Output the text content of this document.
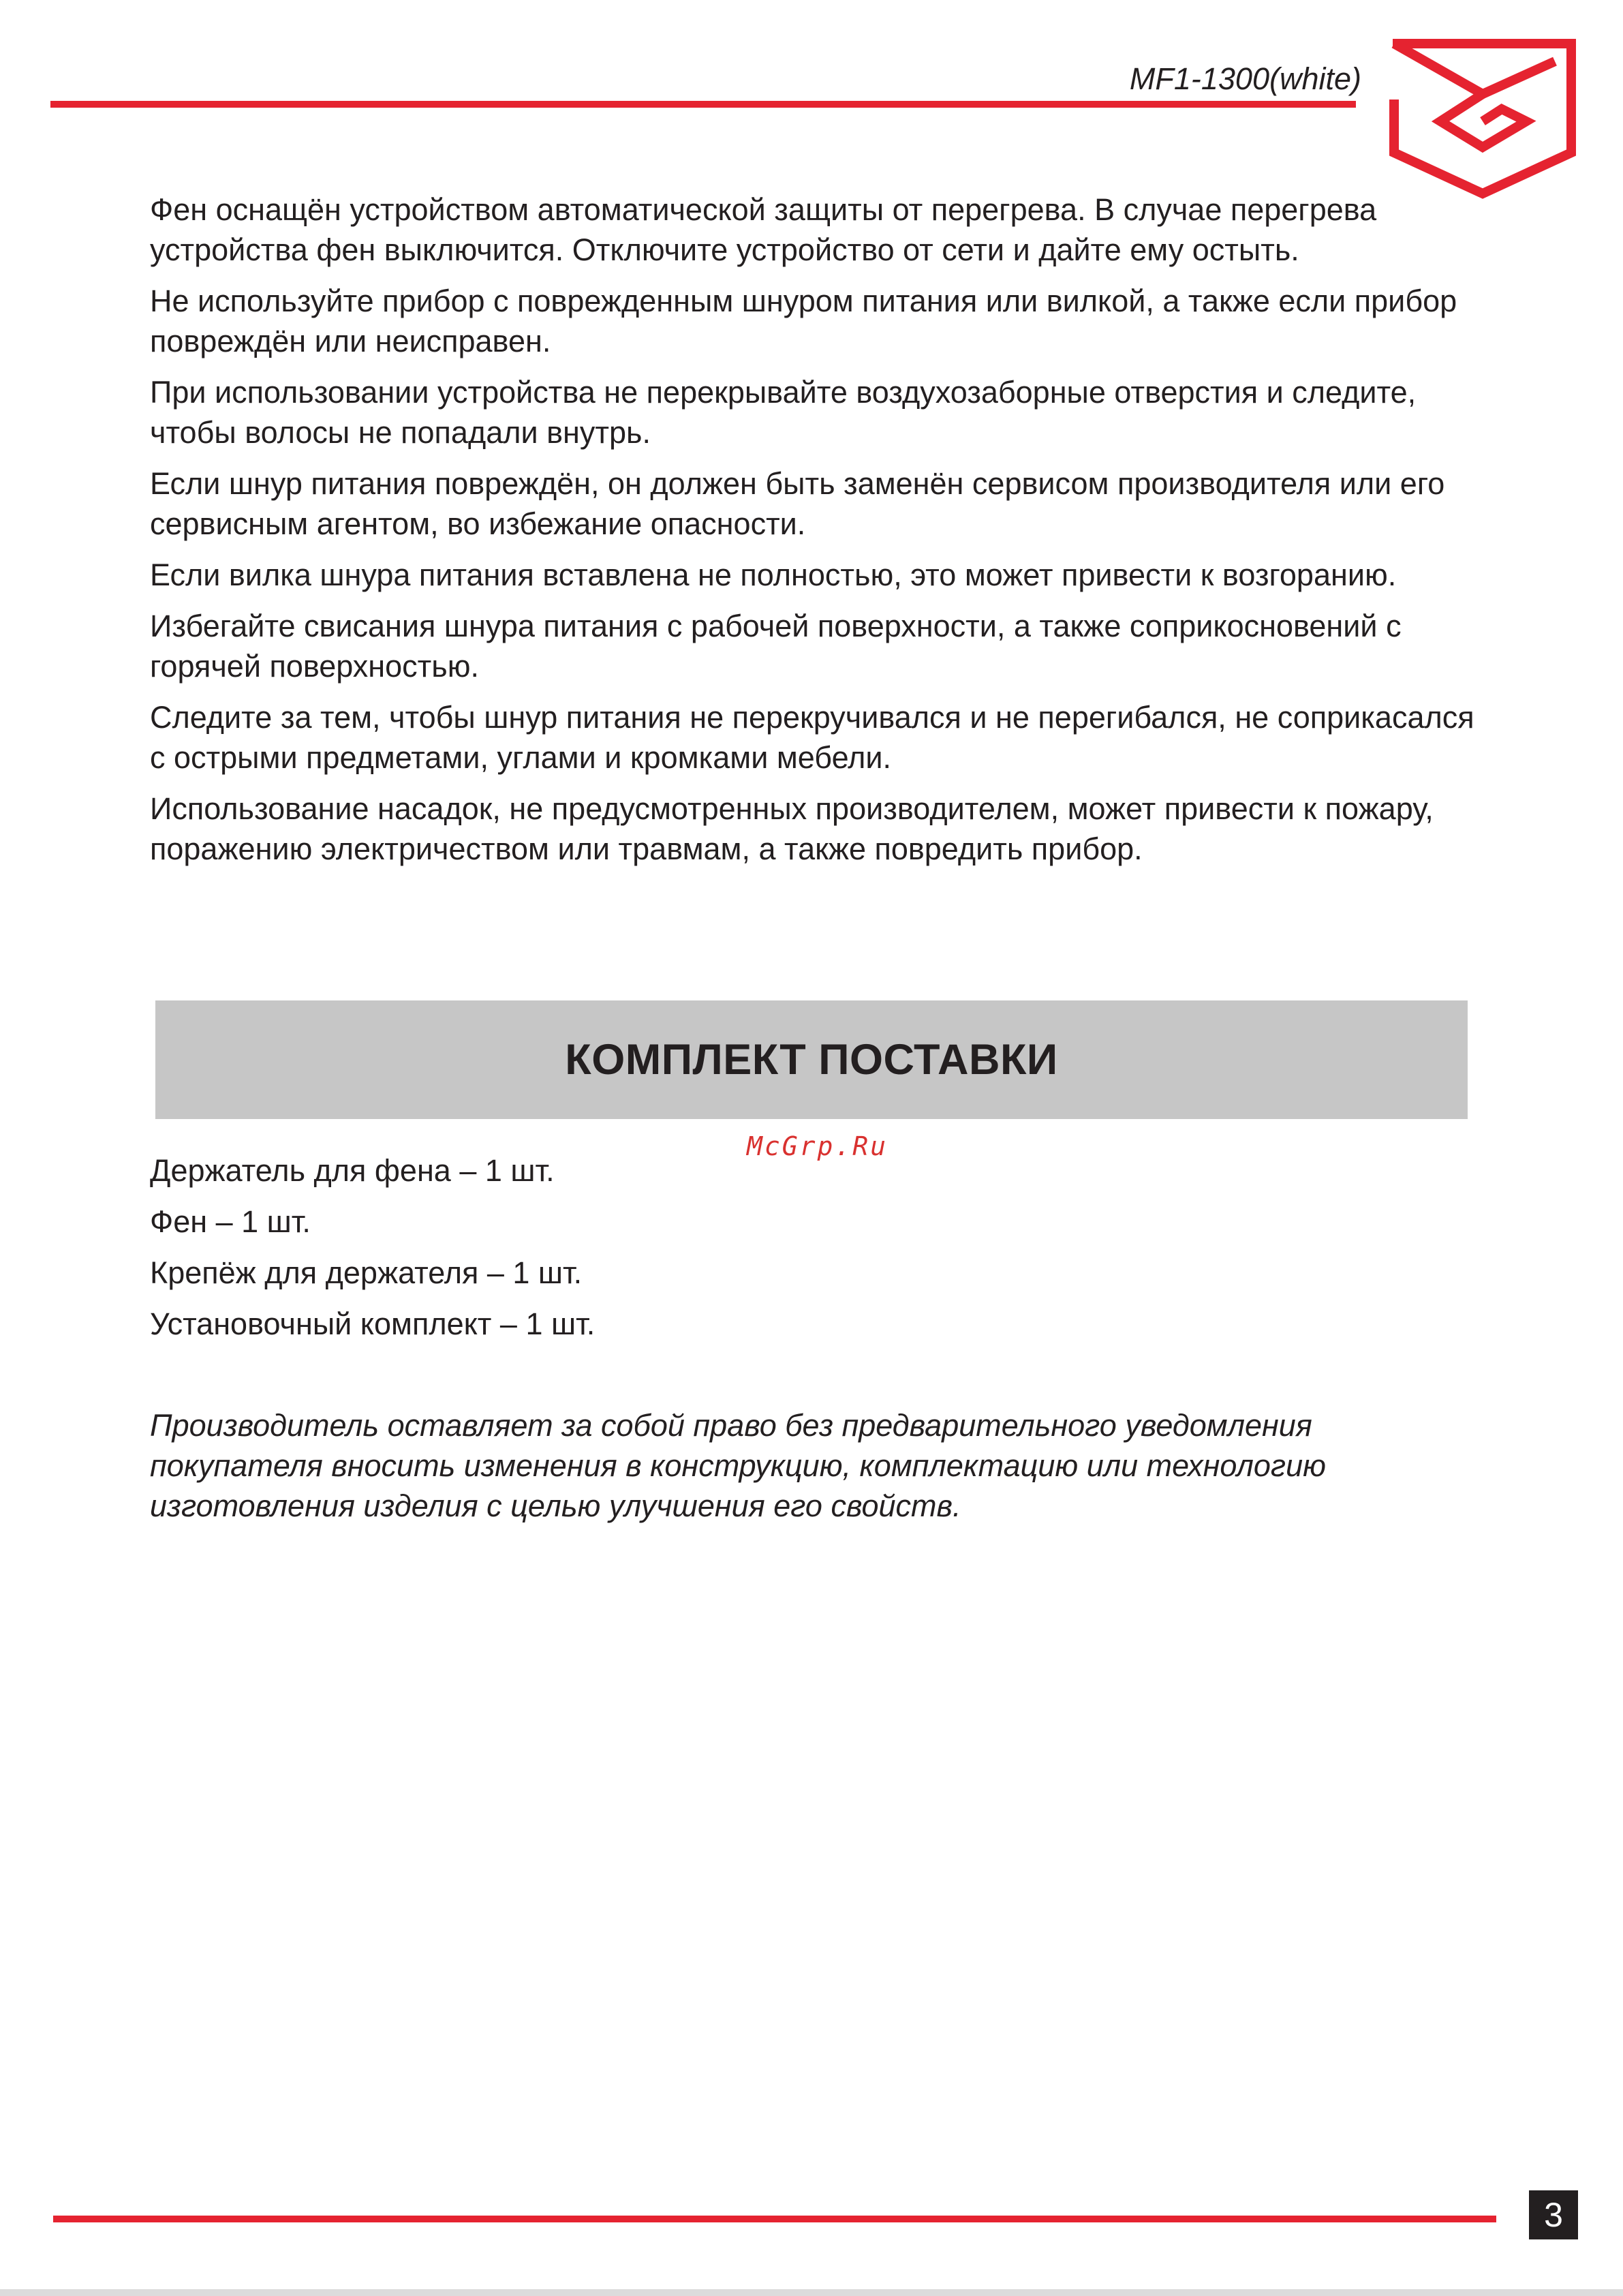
MF1-1300(white)

Фен оснащён устройством автоматической защиты от перегрева. В случае перегрева устройства фен выключится. Отключите устройство от сети и дайте ему остыть.

Не используйте прибор с поврежденным шнуром питания или вилкой, а также если прибор повреждён или неисправен.

При использовании устройства не перекрывайте воздухозаборные отверстия и следите, чтобы волосы не попадали внутрь.

Если шнур питания повреждён, он должен быть заменён сервисом производителя или его сервисным агентом, во избежание опасности.

Если вилка шнура питания вставлена не полностью, это может привести к возгоранию.

Избегайте свисания шнура питания с рабочей поверхности, а также соприкосновений с горячей поверхностью.

Следите за тем, чтобы шнур питания не перекручивался и не перегибался, не соприкасался с острыми предметами, углами и кромками мебели.

Использование насадок, не предусмотренных производителем, может привести к пожару, поражению электричеством или травмам, а также повредить прибор.

КОМПЛЕКТ ПОСТАВКИ
McGrp.Ru
Держатель для фена – 1 шт.
Фен – 1 шт.
Крепёж для держателя – 1 шт.
Установочный комплект – 1 шт.
Производитель оставляет за собой право без предварительного уведомления покупателя вносить изменения в конструкцию, комплектацию или технологию изготовления изделия с целью улучшения его свойств.
3
